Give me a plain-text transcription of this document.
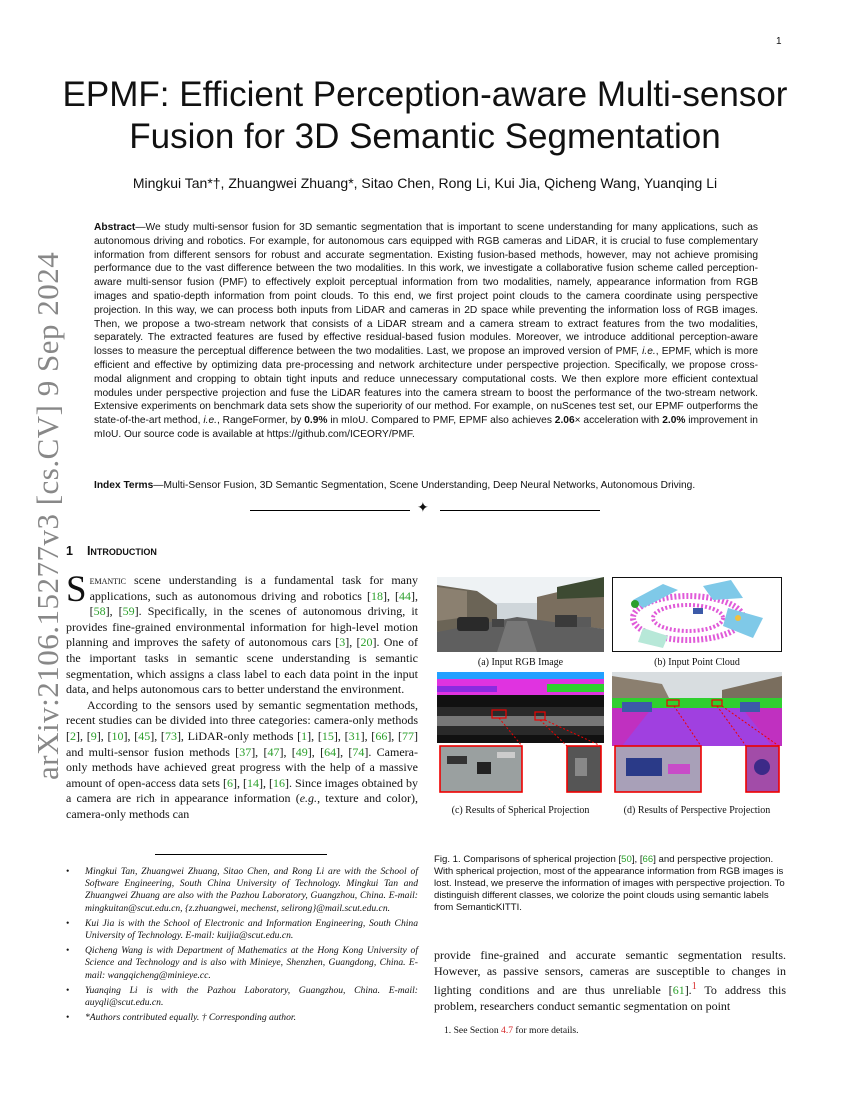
1
arXiv:2106.15277v3 [cs.CV] 9 Sep 2024
EPMF: Efficient Perception-aware Multi-sensor Fusion for 3D Semantic Segmentation
Mingkui Tan*†, Zhuangwei Zhuang*, Sitao Chen, Rong Li, Kui Jia, Qicheng Wang, Yuanqing Li
Abstract—We study multi-sensor fusion for 3D semantic segmentation that is important to scene understanding for many applications, such as autonomous driving and robotics. For example, for autonomous cars equipped with RGB cameras and LiDAR, it is crucial to fuse complementary information from different sensors for robust and accurate segmentation. Existing fusion-based methods, however, may not achieve promising performance due to the vast difference between the two modalities. In this work, we investigate a collaborative fusion scheme called perception-aware multi-sensor fusion (PMF) to effectively exploit perceptual information from two modalities, namely, appearance information from RGB images and spatio-depth information from point clouds. To this end, we first project point clouds to the camera coordinate using perspective projection. In this way, we can process both inputs from LiDAR and cameras in 2D space while preventing the information loss of RGB images. Then, we propose a two-stream network that consists of a LiDAR stream and a camera stream to extract features from the two modalities, separately. The extracted features are fused by effective residual-based fusion modules. Moreover, we introduce additional perception-aware losses to measure the perceptual difference between the two modalities. Last, we propose an improved version of PMF, i.e., EPMF, which is more efficient and effective by optimizing data pre-processing and network architecture under perspective projection. Specifically, we propose cross-modal alignment and cropping to obtain tight inputs and reduce unnecessary computational costs. We then explore more efficient contextual modules under perspective projection and fuse the LiDAR features into the camera stream to boost the performance of the two-stream network. Extensive experiments on benchmark data sets show the superiority of our method. For example, on nuScenes test set, our EPMF outperforms the state-of-the-art method, i.e., RangeFormer, by 0.9% in mIoU. Compared to PMF, EPMF also achieves 2.06× acceleration with 2.0% improvement in mIoU. Our source code is available at https://github.com/ICEORY/PMF.
Index Terms—Multi-Sensor Fusion, 3D Semantic Segmentation, Scene Understanding, Deep Neural Networks, Autonomous Driving.
✦
1 Introduction

Semantic scene understanding is a fundamental task for many applications, such as autonomous driving and robotics [18], [44], [58], [59]. Specifically, in the scenes of autonomous driving, it provides fine-grained environmental information for high-level motion planning and improves the safety of autonomous cars [3], [20]. One of the important tasks in semantic scene understanding is semantic segmentation, which assigns a class label to each data point in the input data, and helps autonomous cars to better understand the environment.

According to the sensors used by semantic segmentation methods, recent studies can be divided into three categories: camera-only methods [2], [9], [10], [45], [73], LiDAR-only methods [1], [15], [31], [66], [77] and multi-sensor fusion methods [37], [47], [49], [64], [74]. Camera-only methods have achieved great progress with the help of a massive amount of open-access data sets [6], [14], [16]. Since images obtained by a camera are rich in appearance information (e.g., texture and color), camera-only methods can

• Mingkui Tan, Zhuangwei Zhuang, Sitao Chen, and Rong Li are with the School of Software Engineering, South China University of Technology. Mingkui Tan and Zhuangwei Zhuang are also with the Pazhou Laboratory, Guangzhou, China. E-mail: mingkuitan@scut.edu.cn, {z.zhuangwei, mechenst, selirong}@mail.scut.edu.cn.
• Kui Jia is with the School of Electronic and Information Engineering, South China University of Technology. E-mail: kuijia@scut.edu.cn.
• Qicheng Wang is with Department of Mathematics at the Hong Kong University of Science and Technology and is also with Minieye, Shenzhen, Guangdong, China. E-mail: wangqicheng@minieye.cc.
• Yuanqing Li is with the Pazhou Laboratory, Guangzhou, China. E-mail: auyqli@scut.edu.cn.
• *Authors contributed equally. † Corresponding author.
(a) Input RGB Image	(b) Input Point Cloud
(c) Results of Spherical Projection	(d) Results of Perspective Projection
Fig. 1. Comparisons of spherical projection [50], [66] and perspective projection. With spherical projection, most of the appearance information from RGB images is lost. Instead, we preserve the information of images with perspective projection. To distinguish different classes, we colorize the point clouds using semantic labels from SemanticKITTI.
provide fine-grained and accurate semantic segmentation results. However, as passive sensors, cameras are susceptible to changes in lighting conditions and are thus unreliable [61].$^1$ To address this problem, researchers conduct semantic segmentation on point
1. See Section 4.7 for more details.
